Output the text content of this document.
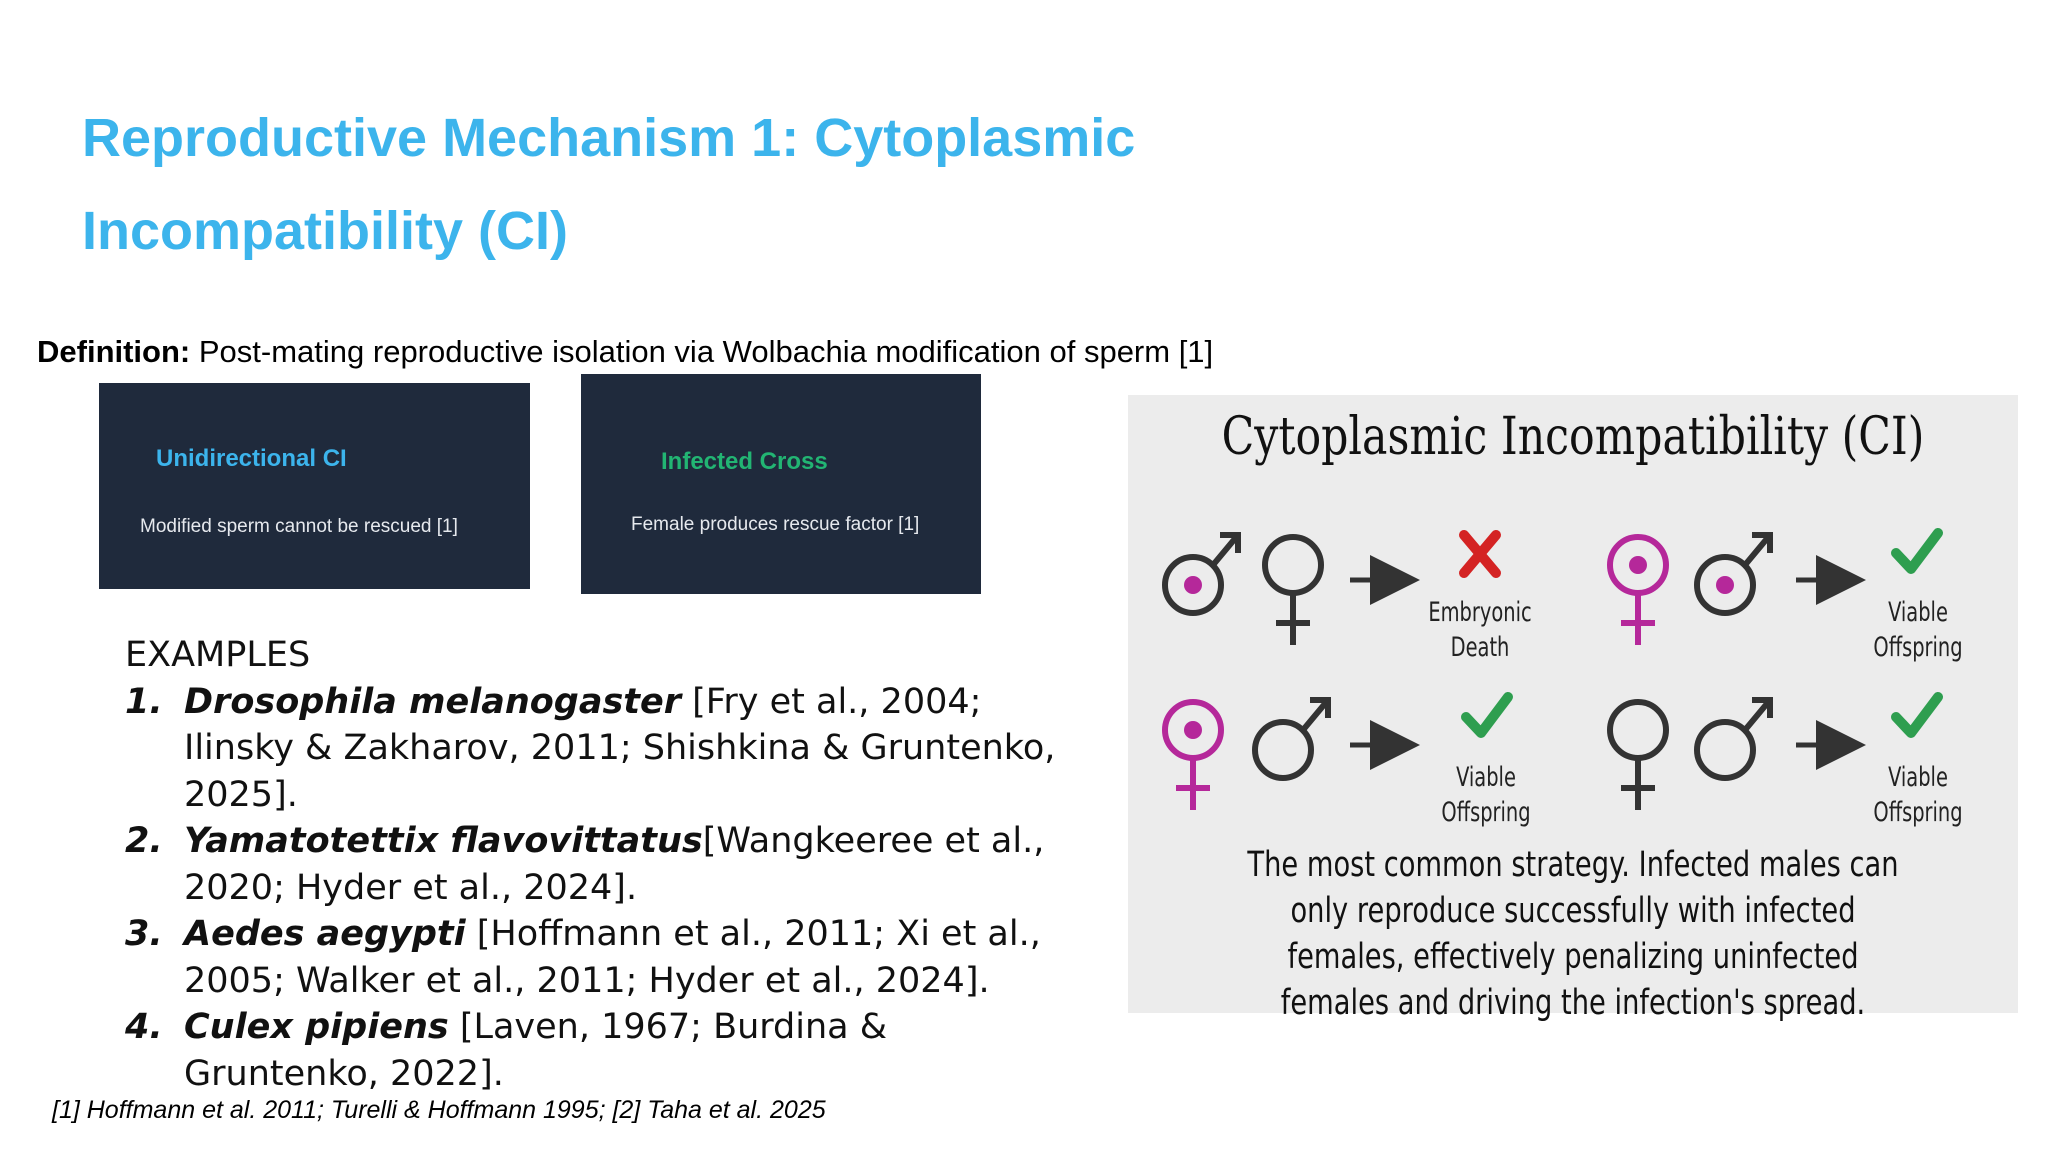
Reproductive Mechanism 1: Cytoplasmic Incompatibility (CI)
Definition: Post-mating reproductive isolation via Wolbachia modification of sperm [1]
Unidirectional CI
Modified sperm cannot be rescued [1]
Infected Cross
Female produces rescue factor [1]
EXAMPLES
1. Drosophila melanogaster [Fry et al., 2004; Ilinsky & Zakharov, 2011; Shishkina & Gruntenko, 2025].
2. Yamatotettix flavovittatus[Wangkeeree et al., 2020; Hyder et al., 2024].
3. Aedes aegypti [Hoffmann et al., 2011; Xi et al., 2005; Walker et al., 2011; Hyder et al., 2024].
4. Culex pipiens [Laven, 1967; Burdina & Gruntenko, 2022].
[1] Hoffmann et al. 2011; Turelli & Hoffmann 1995; [2] Taha et al. 2025
Cytoplasmic Incompatibility (CI)
Embryonic Death
Viable Offspring
Viable Offspring
Viable Offspring
The most common strategy. Infected males can only reproduce successfully with infected females, effectively penalizing uninfected females and driving the infection's spread.
